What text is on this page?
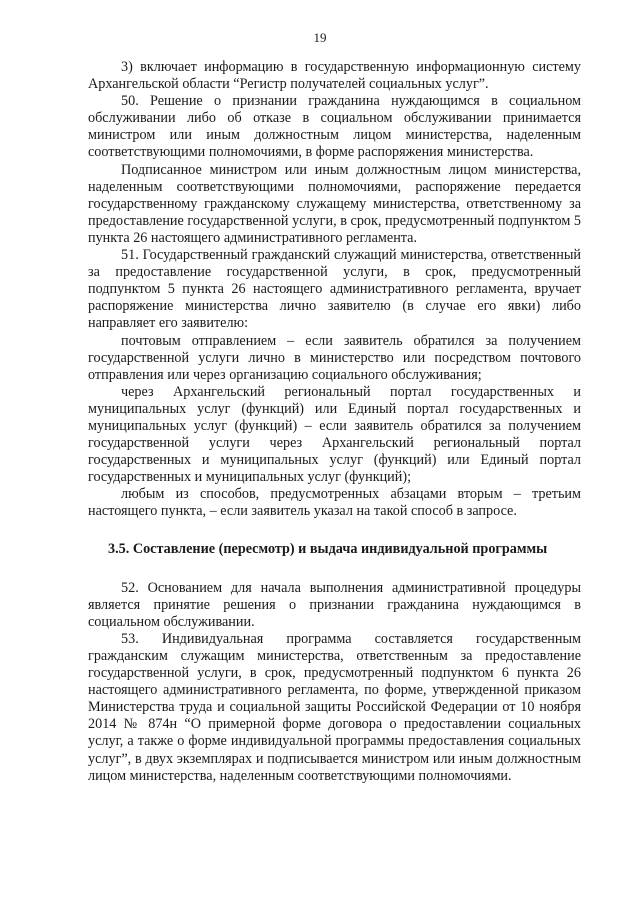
19

3) включает информацию в государственную информационную систему Архангельской области “Регистр получателей социальных услуг”.

50. Решение о признании гражданина нуждающимся в социальном обслуживании либо об отказе в социальном обслуживании принимается министром или иным должностным лицом министерства, наделенным соответствующими полномочиями, в форме распоряжения министерства.

Подписанное министром или иным должностным лицом министерства, наделенным соответствующими полномочиями, распоряжение передается государственному гражданскому служащему министерства, ответственному за предоставление государственной услуги, в срок, предусмотренный подпунктом 5 пункта 26 настоящего административного регламента.

51. Государственный гражданский служащий министерства, ответственный за предоставление государственной услуги, в срок, предусмотренный подпунктом 5 пункта 26 настоящего административного регламента, вручает распоряжение министерства лично заявителю (в случае его явки) либо направляет его заявителю:

почтовым отправлением – если заявитель обратился за получением государственной услуги лично в министерство или посредством почтового отправления или через организацию социального обслуживания;

через Архангельский региональный портал государственных и муниципальных услуг (функций) или Единый портал государственных и муниципальных услуг (функций) – если заявитель обратился за получением государственной услуги через Архангельский региональный портал государственных и муниципальных услуг (функций) или Единый портал государственных и муниципальных услуг (функций);

любым из способов, предусмотренных абзацами вторым – третьим настоящего пункта, – если заявитель указал на такой способ в запросе.

3.5. Составление (пересмотр) и выдача индивидуальной программы

52. Основанием для начала выполнения административной процедуры является принятие решения о признании гражданина нуждающимся в социальном обслуживании.

53. Индивидуальная программа составляется государственным гражданским служащим министерства, ответственным за предоставление государственной услуги, в срок, предусмотренный подпунктом 6 пункта 26 настоящего административного регламента, по форме, утвержденной приказом Министерства труда и социальной защиты Российской Федерации от 10 ноября 2014 № 874н “О примерной форме договора о предоставлении социальных услуг, а также о форме индивидуальной программы предоставления социальных услуг”, в двух экземплярах и подписывается министром или иным должностным лицом министерства, наделенным соответствующими полномочиями.
